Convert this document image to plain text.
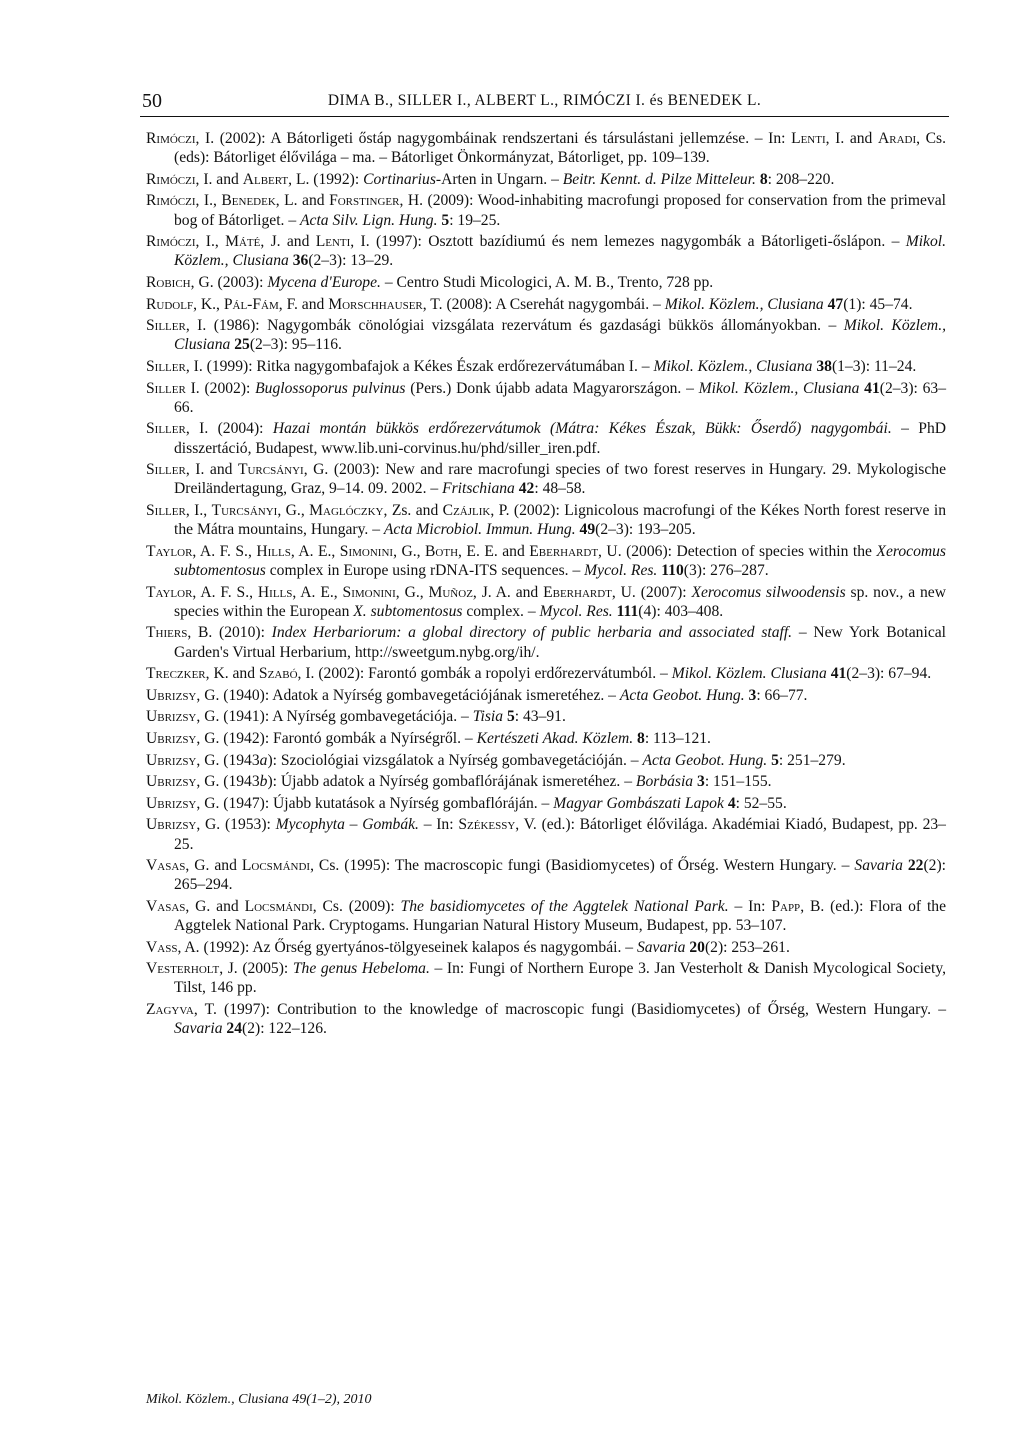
50	DIMA B., SILLER I., ALBERT L., RIMÓCZI I. és BENEDEK L.

Rimóczi, I. (2002): A Bátorligeti őstáp nagygombáinak rendszertani és társulástani jellemzése. – In: Lenti, I. and Aradi, Cs. (eds): Bátorliget élővilága – ma. – Bátorliget Önkormányzat, Bátorliget, pp. 109–139.

Rimóczi, I. and Albert, L. (1992): Cortinarius-Arten in Ungarn. – Beitr. Kennt. d. Pilze Mitteleur. 8: 208–220.

Rimóczi, I., Benedek, L. and Forstinger, H. (2009): Wood-inhabiting macrofungi proposed for conservation from the primeval bog of Bátorliget. – Acta Silv. Lign. Hung. 5: 19–25.

Rimóczi, I., Máté, J. and Lenti, I. (1997): Osztott bazídiumú és nem lemezes nagygombák a Bátorligeti-őslápon. – Mikol. Közlem., Clusiana 36(2–3): 13–29.

Robich, G. (2003): Mycena d'Europe. – Centro Studi Micologici, A. M. B., Trento, 728 pp.

Rudolf, K., Pál-Fám, F. and Morschhauser, T. (2008): A Cserehát nagygombái. – Mikol. Közlem., Clusiana 47(1): 45–74.

Siller, I. (1986): Nagygombák cönológiai vizsgálata rezervátum és gazdasági bükkös állományokban. – Mikol. Közlem., Clusiana 25(2–3): 95–116.

Siller, I. (1999): Ritka nagygombafajok a Kékes Észak erdőrezervátumában I. – Mikol. Közlem., Clusiana 38(1–3): 11–24.

Siller I. (2002): Buglossoporus pulvinus (Pers.) Donk újabb adata Magyarországon. – Mikol. Közlem., Clusiana 41(2–3): 63–66.

Siller, I. (2004): Hazai montán bükkös erdőrezervátumok (Mátra: Kékes Észak, Bükk: Őserdő) nagygombái. – PhD disszertáció, Budapest, www.lib.uni-corvinus.hu/phd/siller_iren.pdf.

Siller, I. and Turcsányi, G. (2003): New and rare macrofungi species of two forest reserves in Hungary. 29. Mykologische Dreiländertagung, Graz, 9–14. 09. 2002. – Fritschiana 42: 48–58.

Siller, I., Turcsányi, G., Maglóczky, Zs. and Czájlik, P. (2002): Lignicolous macrofungi of the Kékes North forest reserve in the Mátra mountains, Hungary. – Acta Microbiol. Immun. Hung. 49(2–3): 193–205.

Taylor, A. F. S., Hills, A. E., Simonini, G., Both, E. E. and Eberhardt, U. (2006): Detection of species within the Xerocomus subtomentosus complex in Europe using rDNA-ITS sequences. – Mycol. Res. 110(3): 276–287.

Taylor, A. F. S., Hills, A. E., Simonini, G., Muñoz, J. A. and Eberhardt, U. (2007): Xerocomus silwoodensis sp. nov., a new species within the European X. subtomentosus complex. – Mycol. Res. 111(4): 403–408.

Thiers, B. (2010): Index Herbariorum: a global directory of public herbaria and associated staff. – New York Botanical Garden's Virtual Herbarium, http://sweetgum.nybg.org/ih/.

Treczker, K. and Szabó, I. (2002): Farontó gombák a ropolyi erdőrezervátumból. – Mikol. Közlem. Clusiana 41(2–3): 67–94.

Ubrizsy, G. (1940): Adatok a Nyírség gombavegetációjának ismeretéhez. – Acta Geobot. Hung. 3: 66–77.

Ubrizsy, G. (1941): A Nyírség gombavegetációja. – Tisia 5: 43–91.

Ubrizsy, G. (1942): Farontó gombák a Nyírségről. – Kertészeti Akad. Közlem. 8: 113–121.

Ubrizsy, G. (1943a): Szociológiai vizsgálatok a Nyírség gombavegetációján. – Acta Geobot. Hung. 5: 251–279.

Ubrizsy, G. (1943b): Újabb adatok a Nyírség gombaflórájának ismeretéhez. – Borbásia 3: 151–155.

Ubrizsy, G. (1947): Újabb kutatások a Nyírség gombaflóráján. – Magyar Gombászati Lapok 4: 52–55.

Ubrizsy, G. (1953): Mycophyta – Gombák. – In: Székessy, V. (ed.): Bátorliget élővilága. Akadémiai Kiadó, Budapest, pp. 23–25.

Vasas, G. and Locsmándi, Cs. (1995): The macroscopic fungi (Basidiomycetes) of Őrség. Western Hungary. – Savaria 22(2): 265–294.

Vasas, G. and Locsmándi, Cs. (2009): The basidiomycetes of the Aggtelek National Park. – In: Papp, B. (ed.): Flora of the Aggtelek National Park. Cryptogams. Hungarian Natural History Museum, Budapest, pp. 53–107.

Vass, A. (1992): Az Őrség gyertyános-tölgyeseinek kalapos és nagygombái. – Savaria 20(2): 253–261.

Vesterholt, J. (2005): The genus Hebeloma. – In: Fungi of Northern Europe 3. Jan Vesterholt & Danish Mycological Society, Tilst, 146 pp.

Zagyva, T. (1997): Contribution to the knowledge of macroscopic fungi (Basidiomycetes) of Őrség, Western Hungary. – Savaria 24(2): 122–126.

Mikol. Közlem., Clusiana 49(1–2), 2010
